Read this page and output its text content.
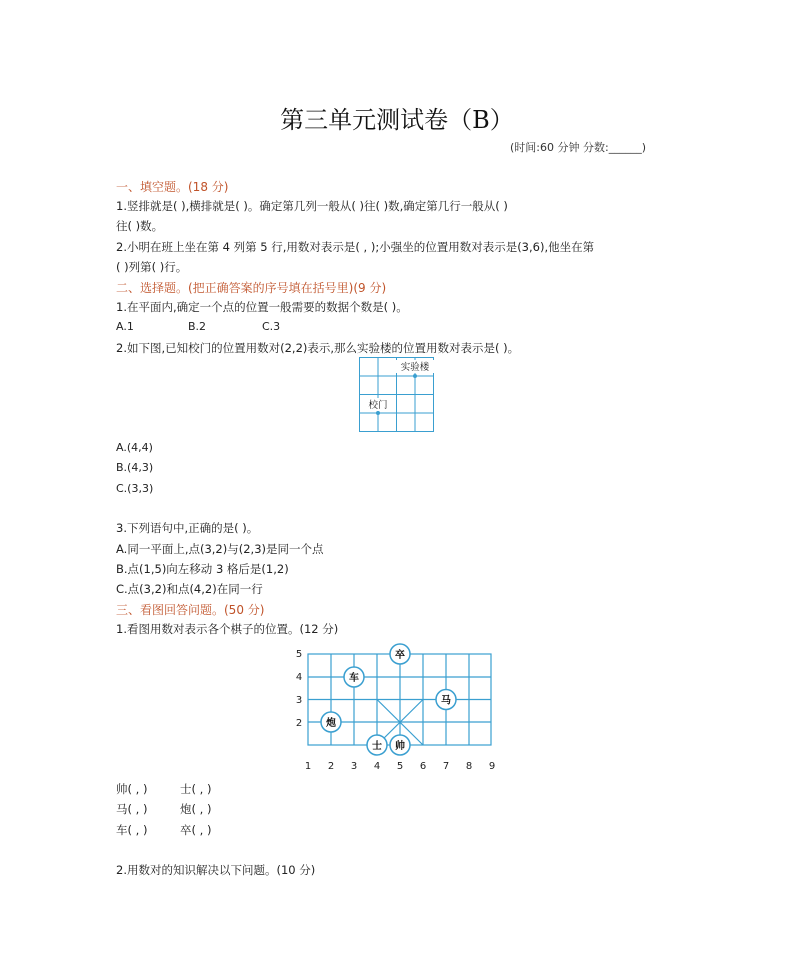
第三单元测试卷（B）
(时间:60 分钟 分数:______)
一、填空题。(18 分)
1.竖排就是( ),横排就是( )。确定第几列一般从( )往( )数,确定第几行一般从( )
往( )数。
2.小明在班上坐在第 4 列第 5 行,用数对表示是( , );小强坐的位置用数对表示是(3,6),他坐在第
( )列第( )行。
二、选择题。(把正确答案的序号填在括号里)(9 分)
1.在平面内,确定一个点的位置一般需要的数据个数是( )。
A.1	B.2	C.3
2.如下图,已知校门的位置用数对(2,2)表示,那么实验楼的位置用数对表示是( )。
实验楼
校门
A.(4,4)
B.(4,3)
C.(3,3)
3.下列语句中,正确的是( )。
A.同一平面上,点(3,2)与(2,3)是同一个点
B.点(1,5)向左移动 3 格后是(1,2)
C.点(3,2)和点(4,2)在同一行
三、看图回答问题。(50 分)
1.看图用数对表示各个棋子的位置。(12 分)
2
3
4
5
1 2 3 4 5 6 7 8 9
卒
车
马
炮
士 帅
帅( , )	士( , )
马( , )	炮( , )
车( , )	卒( , )
2.用数对的知识解决以下问题。(10 分)
